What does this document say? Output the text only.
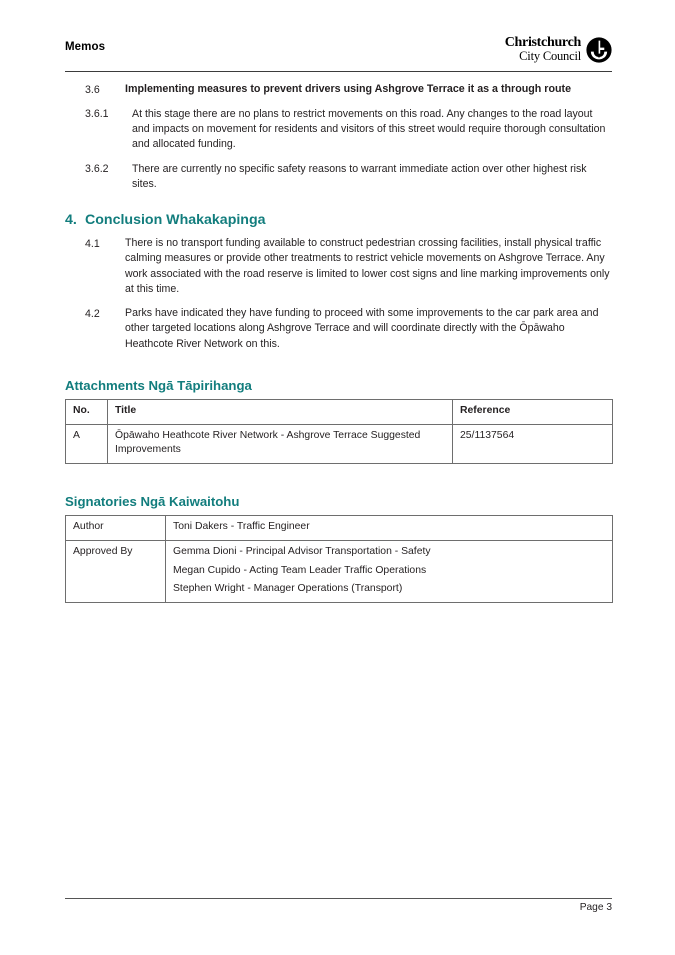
Memos	Christchurch
City Council
3.6	Implementing measures to prevent drivers using Ashgrove Terrace it as a through route
3.6.1	At this stage there are no plans to restrict movements on this road. Any changes to the road layout and impacts on movement for residents and visitors of this street would require thorough consultation and allocated funding.
3.6.2	There are currently no specific safety reasons to warrant immediate action over other highest risk sites.
4. Conclusion Whakakapinga
4.1	There is no transport funding available to construct pedestrian crossing facilities, install physical traffic calming measures or provide other treatments to restrict vehicle movements on Ashgrove Terrace. Any work associated with the road reserve is limited to lower cost signs and line marking improvements only at this time.
4.2	Parks have indicated they have funding to proceed with some improvements to the car park area and other targeted locations along Ashgrove Terrace and will coordinate directly with the Ōpāwaho Heathcote River Network on this.
Attachments Ngā Tāpirihanga
No.	Title	Reference
A	Ōpāwaho Heathcote River Network - Ashgrove Terrace Suggested Improvements	25/1137564
Signatories Ngā Kaiwaitohu
Author	Toni Dakers - Traffic Engineer

Approved By	Gemma Dioni - Principal Advisor Transportation - Safety
Megan Cupido - Acting Team Leader Traffic Operations
Stephen Wright - Manager Operations (Transport)
Page 3
